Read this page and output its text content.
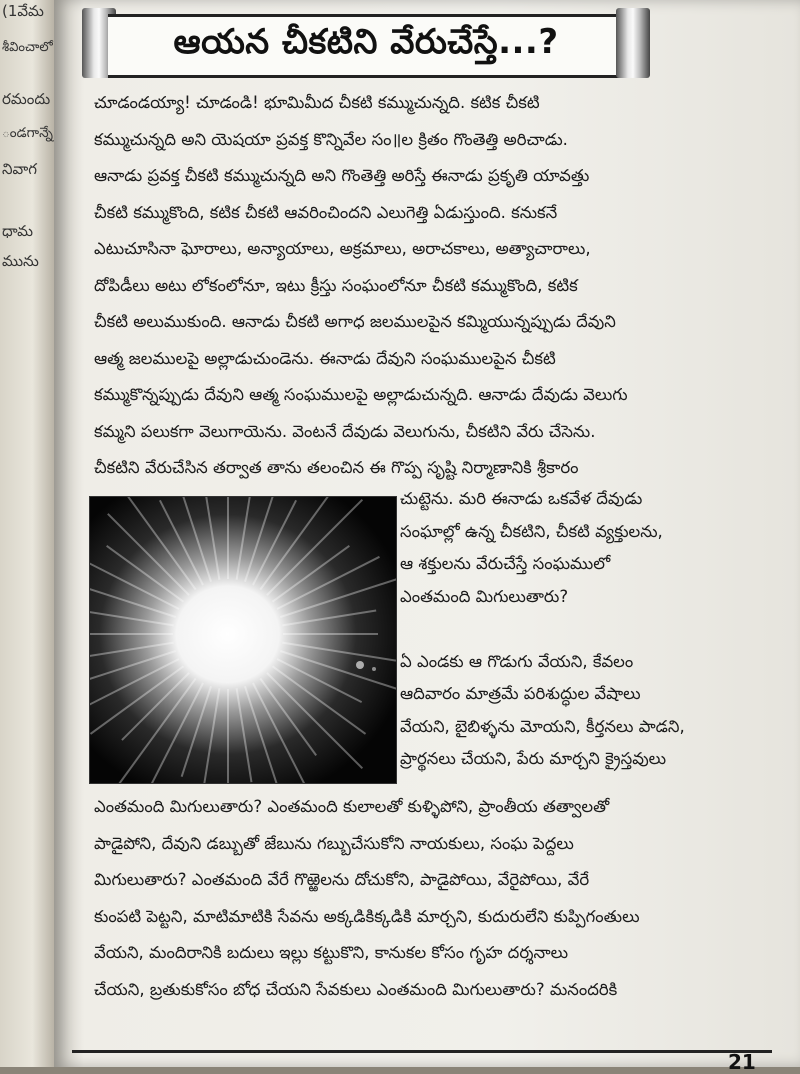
(1వేమ
శీవించాలో
రమందు
ండగాన్నే
నివాగ
ధామ
మును
ఆయన చీకటిని వేరుచేస్తే...?
చూడండయ్యా! చూడండి! భూమిమీద చీకటి కమ్ముచున్నది. కటిక చీకటి
కమ్ముచున్నది అని యెషయా ప్రవక్త కొన్నివేల సం॥ల క్రితం గొంతెత్తి అరిచాడు.
ఆనాడు ప్రవక్త చీకటి కమ్ముచున్నది అని గొంతెత్తి అరిస్తే ఈనాడు ప్రకృతి యావత్తు
చీకటి కమ్ముకొంది, కటిక చీకటి ఆవరించిందని ఎలుగెత్తి ఏడుస్తుంది. కనుకనే
ఎటుచూసినా ఘోరాలు, అన్యాయాలు, అక్రమాలు, అరాచకాలు, అత్యాచారాలు,
దోపిడీలు అటు లోకంలోనూ, ఇటు క్రీస్తు సంఘంలోనూ చీకటి కమ్ముకొంది, కటిక
చీకటి అలుముకుంది. ఆనాడు చీకటి అగాధ జలములపైన కమ్మియున్నప్పుడు దేవుని
ఆత్మ జలములపై అల్లాడుచుండెను. ఈనాడు దేవుని సంఘములపైన చీకటి
కమ్ముకొన్నప్పుడు దేవుని ఆత్మ సంఘములపై అల్లాడుచున్నది. ఆనాడు దేవుడు వెలుగు
కమ్మని పలుకగా వెలుగాయెను. వెంటనే దేవుడు వెలుగును, చీకటిని వేరు చేసెను.
చీకటిని వేరుచేసిన తర్వాత తాను తలంచిన ఈ గొప్ప సృష్టి నిర్మాణానికి శ్రీకారం
చుట్టెను. మరి ఈనాడు ఒకవేళ దేవుడు
సంఘాల్లో ఉన్న చీకటిని, చీకటి వ్యక్తులను,
ఆ శక్తులను వేరుచేస్తే సంఘములో
ఎంతమంది మిగులుతారు?
ఏ ఎండకు ఆ గొడుగు వేయని, కేవలం
ఆదివారం మాత్రమే పరిశుద్ధుల వేషాలు
వేయని, బైబిళ్ళను మోయని, కీర్తనలు పాడని,
ప్రార్థనలు చేయని, పేరు మార్చని క్రైస్తవులు
ఎంతమంది మిగులుతారు? ఎంతమంది కులాలతో కుళ్ళిపోని, ప్రాంతీయ తత్వాలతో
పాడైపోని, దేవుని డబ్బుతో జేబును గబ్బుచేసుకోని నాయకులు, సంఘ పెద్దలు
మిగులుతారు? ఎంతమంది వేరే గొఱ్ఱెలను దోచుకోని, పాడైపోయి, వేరైపోయి, వేరే
కుంపటి పెట్టని, మాటిమాటికి సేవను అక్కడికిక్కడికి మార్చని, కుదురులేని కుప్పిగంతులు
వేయని, మందిరానికి బదులు ఇల్లు కట్టుకొని, కానుకల కోసం గృహ దర్శనాలు
చేయని, బ్రతుకుకోసం బోధ చేయని సేవకులు ఎంతమంది మిగులుతారు? మనందరికి
21
